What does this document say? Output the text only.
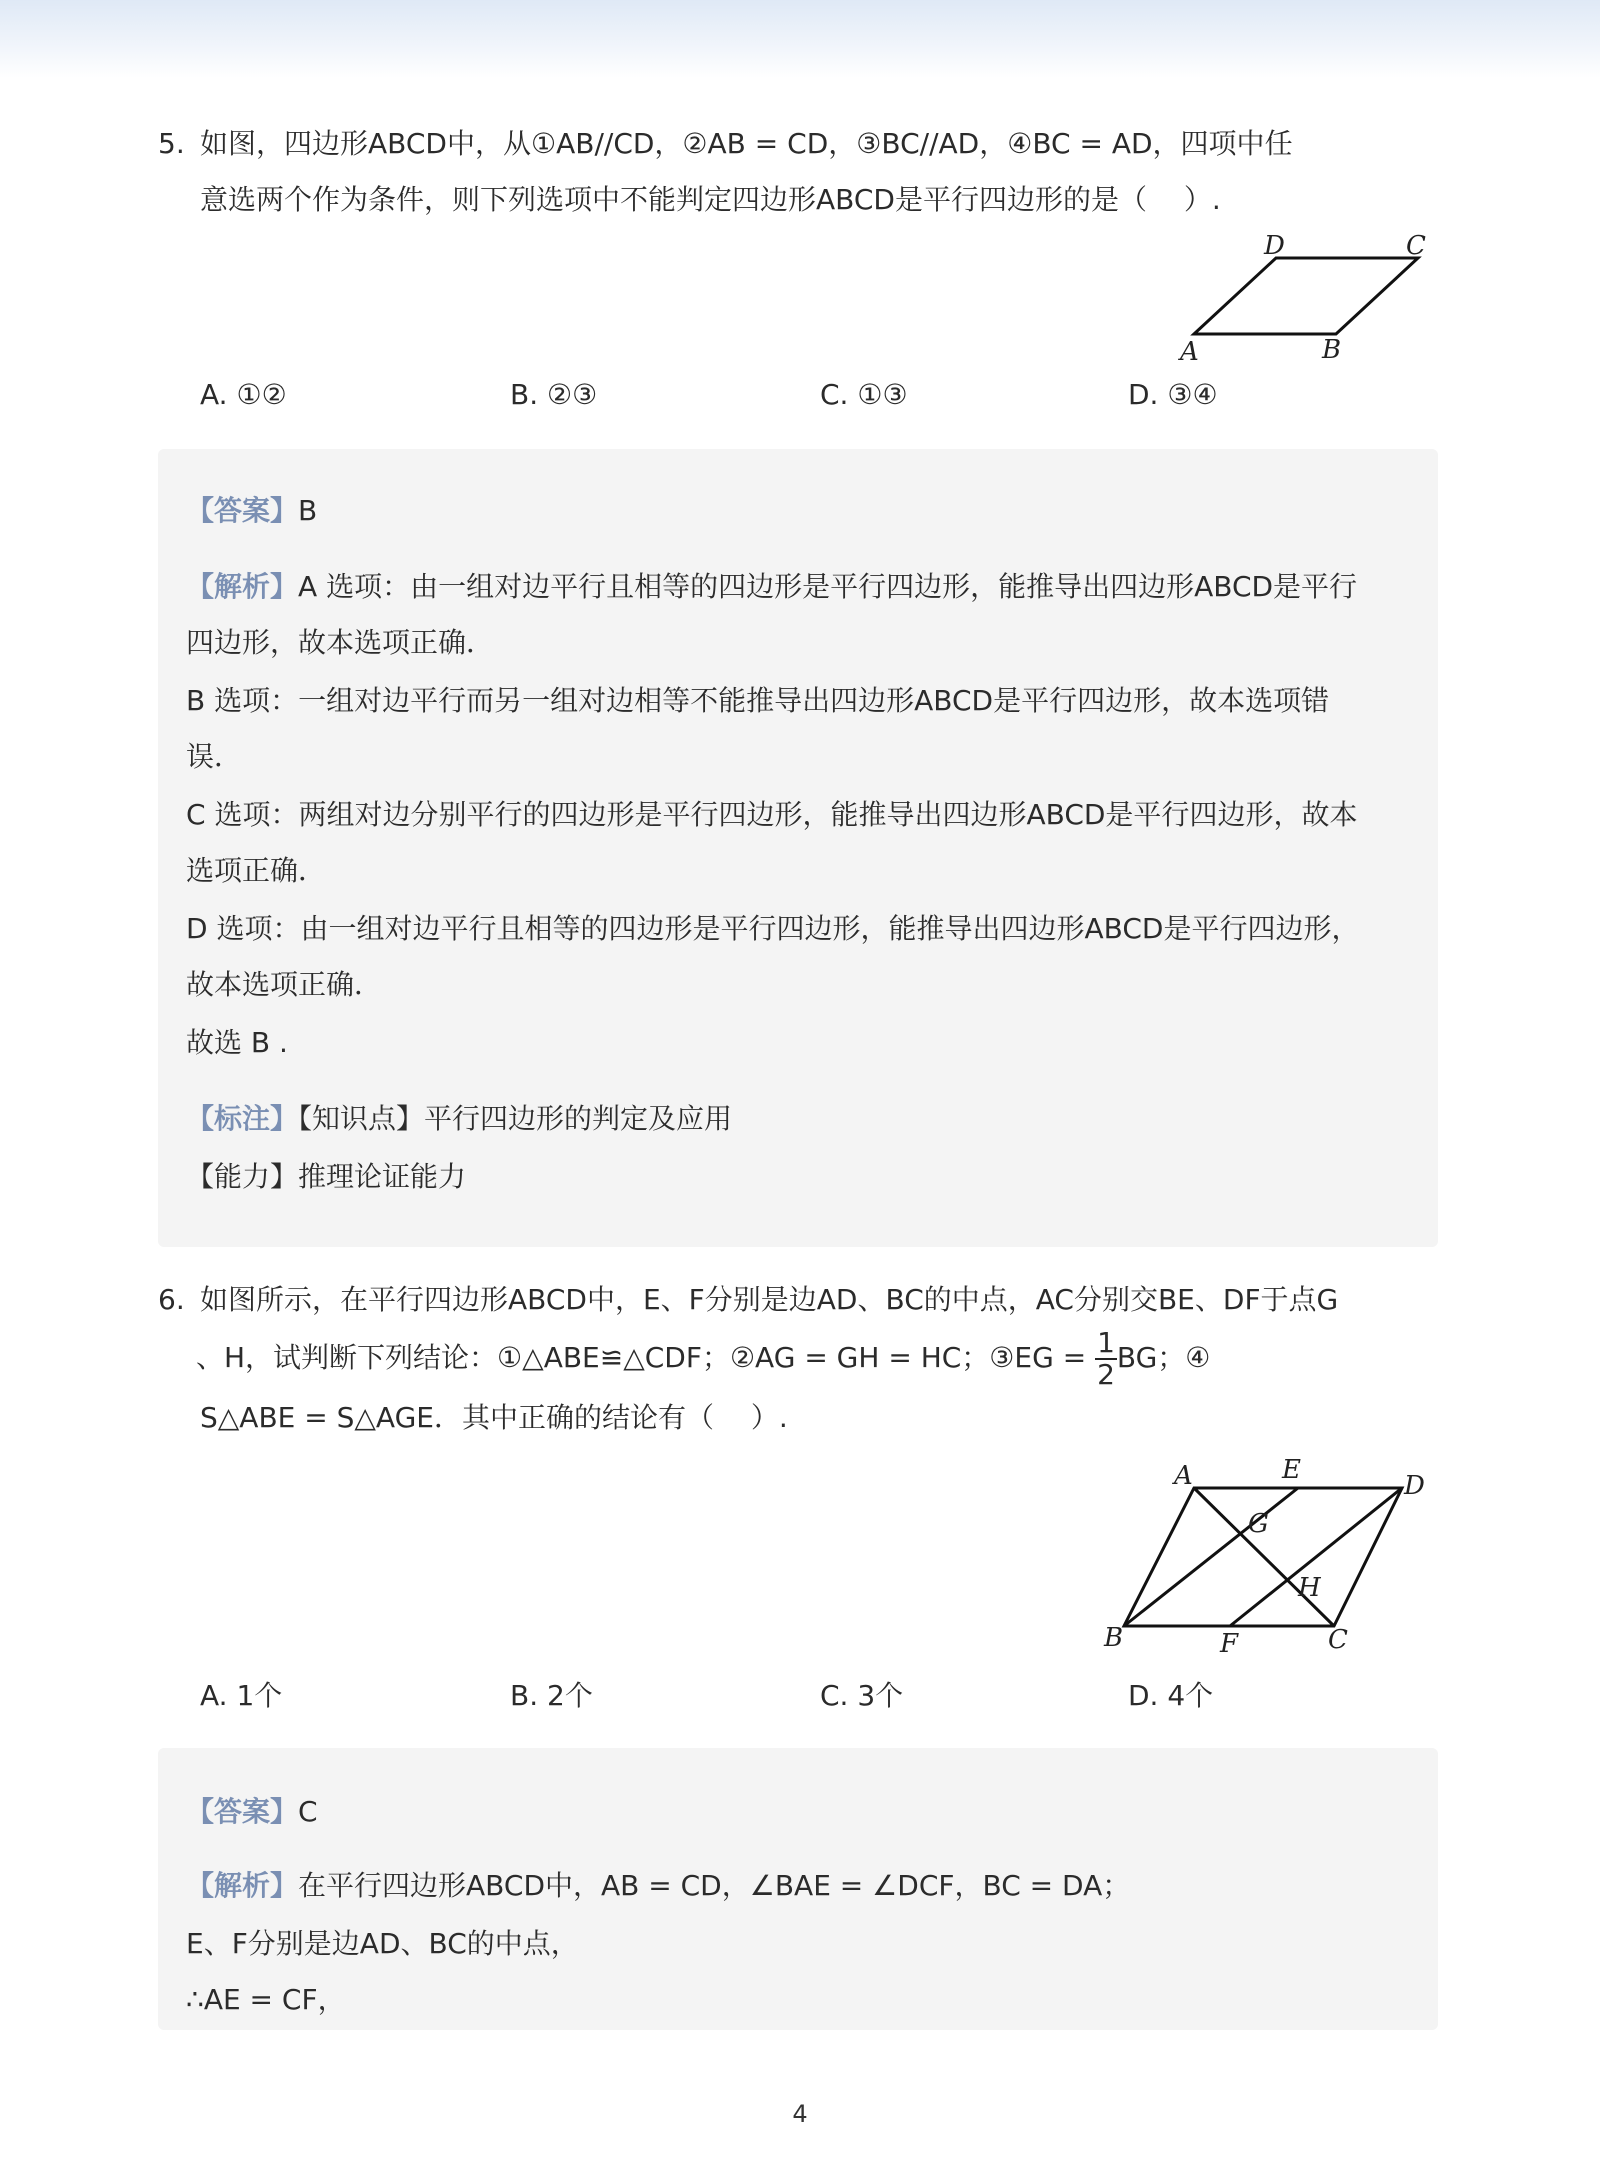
5. 如图，四边形ABCD中，从①AB//CD，②AB = CD，③BC//AD，④BC = AD，四项中任
意选两个作为条件，则下列选项中不能判定四边形ABCD是平行四边形的是（　 ）.
D	C
A	B
A. ①②	B. ②③	C. ①③	D. ③④
【答案】B
【解析】A 选项：由一组对边平行且相等的四边形是平行四边形，能推导出四边形ABCD是平行
四边形，故本选项正确．
B 选项：一组对边平行而另一组对边相等不能推导出四边形ABCD是平行四边形，故本选项错
误．
C 选项：两组对边分别平行的四边形是平行四边形，能推导出四边形ABCD是平行四边形，故本
选项正确．
D 选项：由一组对边平行且相等的四边形是平行四边形，能推导出四边形ABCD是平行四边形，
故本选项正确．
故选 B .
【标注】【知识点】平行四边形的判定及应用
【能力】推理论证能力
6. 如图所示，在平行四边形ABCD中，E、F分别是边AD、BC的中点，AC分别交BE、DF于点G
、H，试判断下列结论：①△ABE≌△CDF；②AG = GH = HC；③EG = $\frac{1}{2}$ BG；④
S△ABE = S△AGE．其中正确的结论有（　 ）.
A	E
D
G
H
B	F	C
A. 1个	B. 2个	C. 3个	D. 4个
【答案】C
【解析】在平行四边形ABCD中，AB = CD，∠BAE = ∠DCF，BC = DA；
E、F分别是边AD、BC的中点，
∴AE = CF，
4
